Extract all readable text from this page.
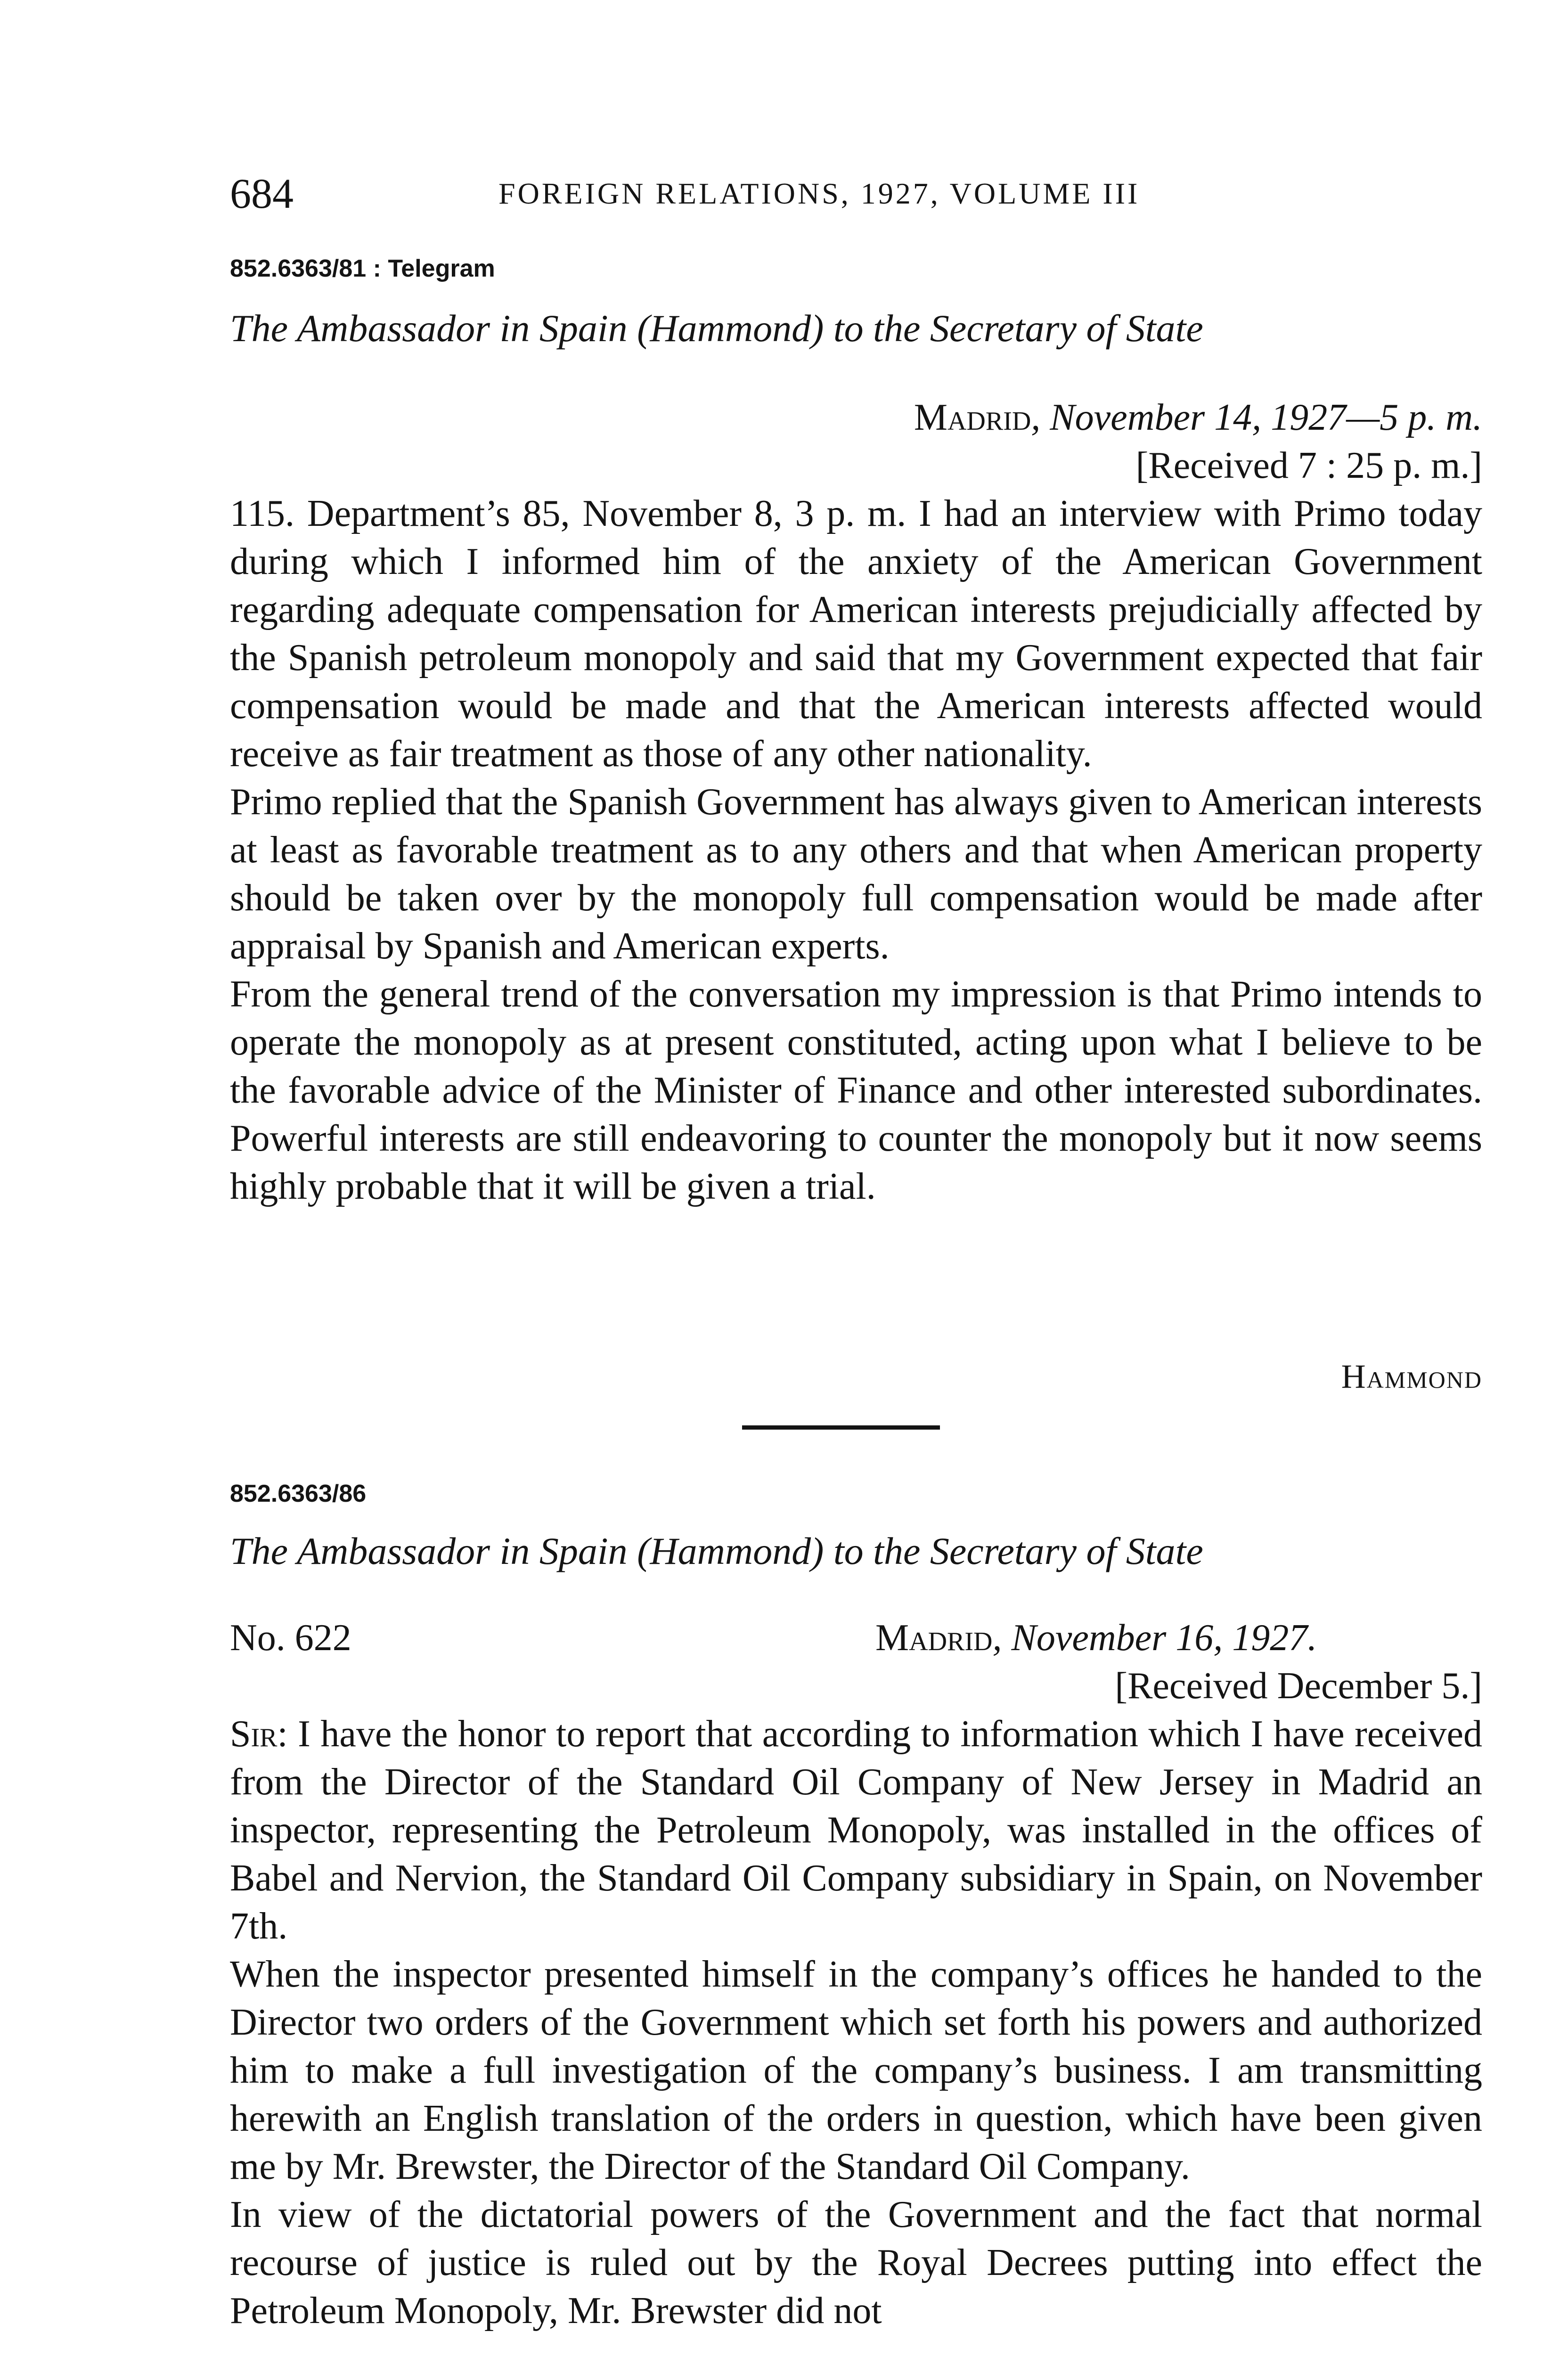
684	FOREIGN RELATIONS, 1927, VOLUME III
852.6363/81 : Telegram
The Ambassador in Spain (Hammond) to the Secretary of State
Madrid, November 14, 1927—5 p. m.
[Received 7 : 25 p. m.]

115. Department’s 85, November 8, 3 p. m. I had an interview with Primo today during which I informed him of the anxiety of the American Government regarding adequate compensation for American interests prejudicially affected by the Spanish petroleum monopoly and said that my Government expected that fair compensation would be made and that the American interests affected would receive as fair treatment as those of any other nationality.

Primo replied that the Spanish Government has always given to American interests at least as favorable treatment as to any others and that when American property should be taken over by the monopoly full compensation would be made after appraisal by Spanish and American experts.

From the general trend of the conversation my impression is that Primo intends to operate the monopoly as at present constituted, acting upon what I believe to be the favorable advice of the Minister of Finance and other interested subordinates. Powerful interests are still endeavoring to counter the monopoly but it now seems highly probable that it will be given a trial.

Hammond
852.6363/86
The Ambassador in Spain (Hammond) to the Secretary of State
No. 622	Madrid, November 16, 1927.
[Received December 5.]

Sir: I have the honor to report that according to information which I have received from the Director of the Standard Oil Company of New Jersey in Madrid an inspector, representing the Petroleum Monopoly, was installed in the offices of Babel and Nervion, the Standard Oil Company subsidiary in Spain, on November 7th.

When the inspector presented himself in the company’s offices he handed to the Director two orders of the Government which set forth his powers and authorized him to make a full investigation of the company’s business. I am transmitting herewith an English translation of the orders in question, which have been given me by Mr. Brewster, the Director of the Standard Oil Company.

In view of the dictatorial powers of the Government and the fact that normal recourse of justice is ruled out by the Royal Decrees putting into effect the Petroleum Monopoly, Mr. Brewster did not
